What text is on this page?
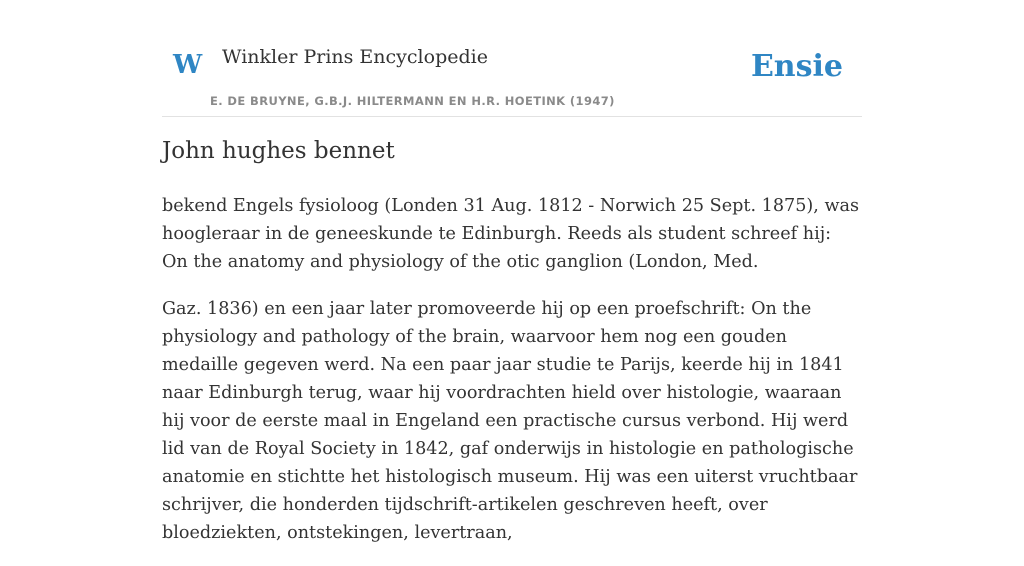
W Winkler Prins Encyclopedie
E. DE BRUYNE, G.B.J. HILTERMANN EN H.R. HOETINK (1947)
Ensie
John hughes bennet

bekend Engels fysioloog (Londen 31 Aug. 1812 - Norwich 25 Sept. 1875), was hoogleraar in de geneeskunde te Edinburgh. Reeds als student schreef hij: On the anatomy and physiology of the otic ganglion (London, Med.

Gaz. 1836) en een jaar later promoveerde hij op een proefschrift: On the physiology and pathology of the brain, waarvoor hem nog een gouden medaille gegeven werd. Na een paar jaar studie te Parijs, keerde hij in 1841 naar Edinburgh terug, waar hij voordrachten hield over histologie, waaraan hij voor de eerste maal in Engeland een practische cursus verbond. Hij werd lid van de Royal Society in 1842, gaf onderwijs in histologie en pathologische anatomie en stichtte het histologisch museum. Hij was een uiterst vruchtbaar schrijver, die honderden tijdschrift-artikelen geschreven heeft, over bloedziekten, ontstekingen, levertraan,
